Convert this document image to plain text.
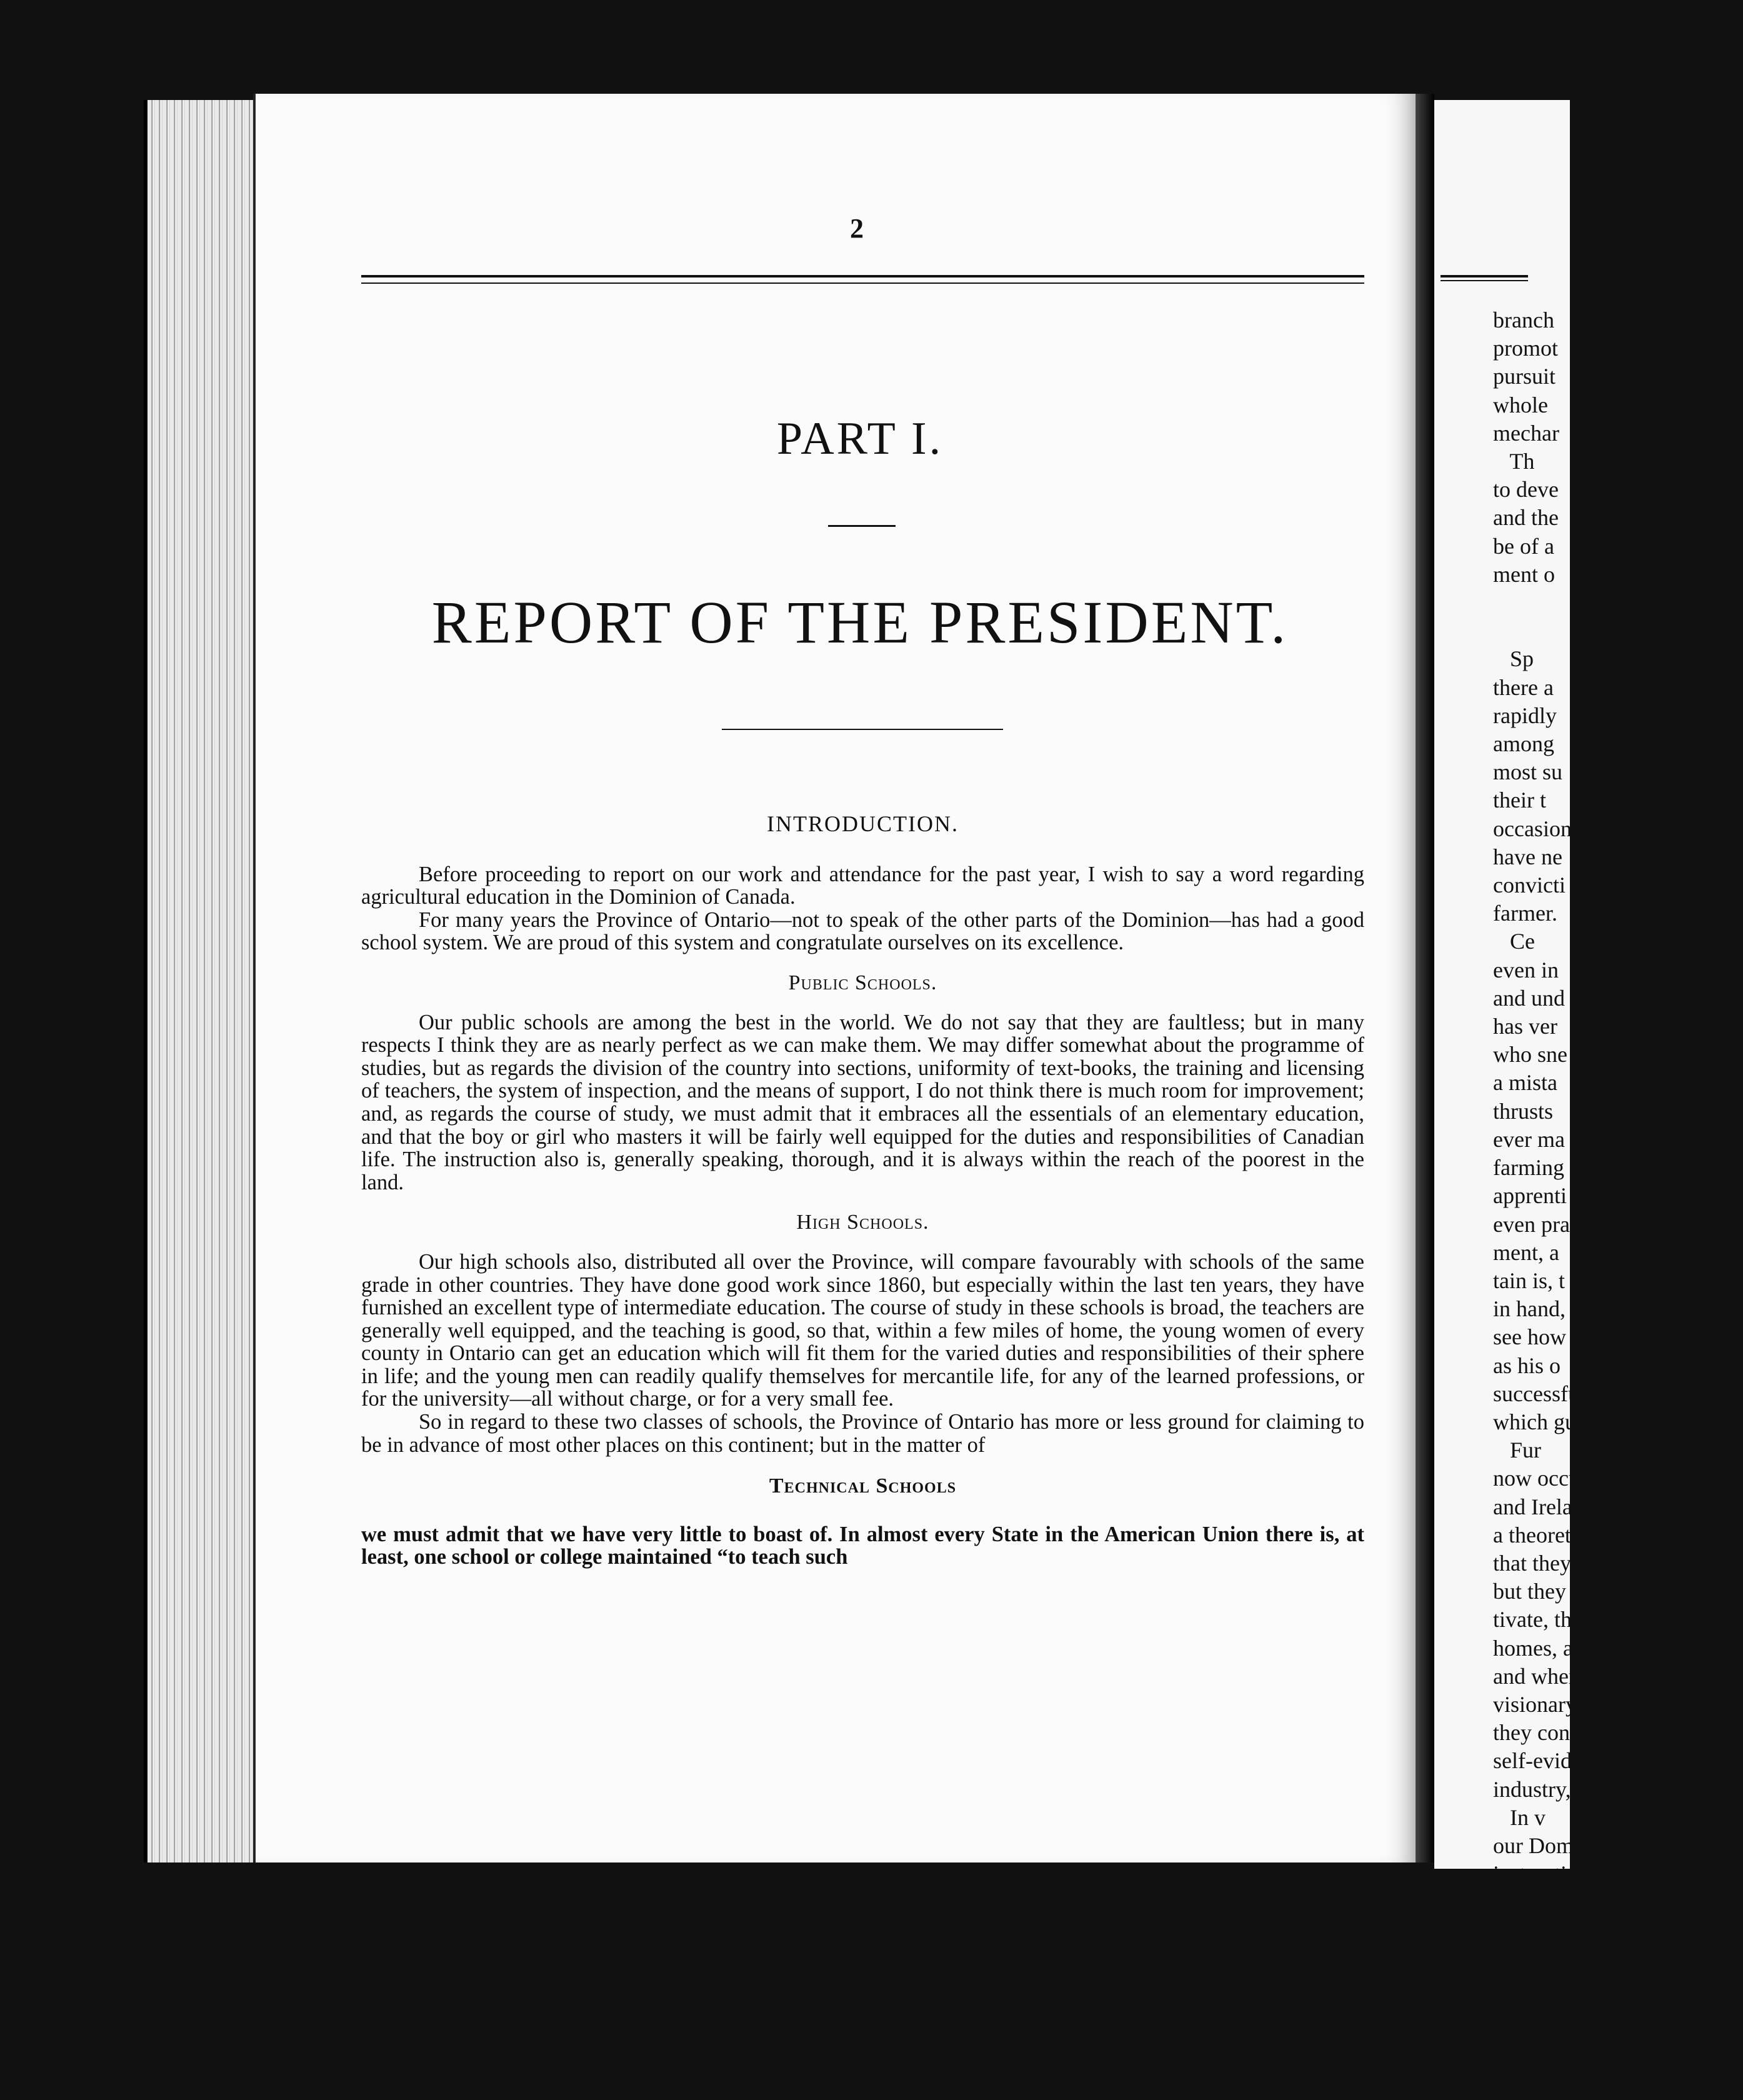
branch
promot
pursuit
whole
mechar
Th
to deve
and the
be of a
ment o

Sp
there a
rapidly
among
most su
their t
occasion
have ne
convicti
farmer.
Ce
even in
and und
has ver
who sne
a mista
thrusts
ever ma
farming
apprenti
even pra
ment, a
tain is, t
in hand,
see how
as his o
successfu
which gu
Fur
now occu
and Irela
a theoret
that they
but they
tivate, th
homes, a
and wher
visionary
they con
self-evide
industry,
In v
our Domi
instructio
2
PART I.
REPORT OF THE PRESIDENT.
INTRODUCTION.

Before proceeding to report on our work and attendance for the past year, I wish to say a word regarding agricultural education in the Dominion of Canada.

For many years the Province of Ontario—not to speak of the other parts of the Dominion—has had a good school system. We are proud of this system and congratulate ourselves on its excellence.

Public Schools.

Our public schools are among the best in the world. We do not say that they are faultless; but in many respects I think they are as nearly perfect as we can make them. We may differ somewhat about the programme of studies, but as regards the division of the country into sections, uniformity of text-books, the training and licensing of teachers, the system of inspection, and the means of support, I do not think there is much room for improvement; and, as regards the course of study, we must admit that it embraces all the essentials of an elementary education, and that the boy or girl who masters it will be fairly well equipped for the duties and responsibilities of Canadian life. The instruction also is, generally speaking, thorough, and it is always within the reach of the poorest in the land.

High Schools.

Our high schools also, distributed all over the Province, will compare favourably with schools of the same grade in other countries. They have done good work since 1860, but especially within the last ten years, they have furnished an excellent type of intermediate education. The course of study in these schools is broad, the teachers are generally well equipped, and the teaching is good, so that, within a few miles of home, the young women of every county in Ontario can get an education which will fit them for the varied duties and responsibilities of their sphere in life; and the young men can readily qualify themselves for mercantile life, for any of the learned professions, or for the university—all without charge, or for a very small fee.

So in regard to these two classes of schools, the Province of Ontario has more or less ground for claiming to be in advance of most other places on this continent; but in the matter of

Technical Schools

we must admit that we have very little to boast of. In almost every State in the American Union there is, at least, one school or college maintained “to teach such
